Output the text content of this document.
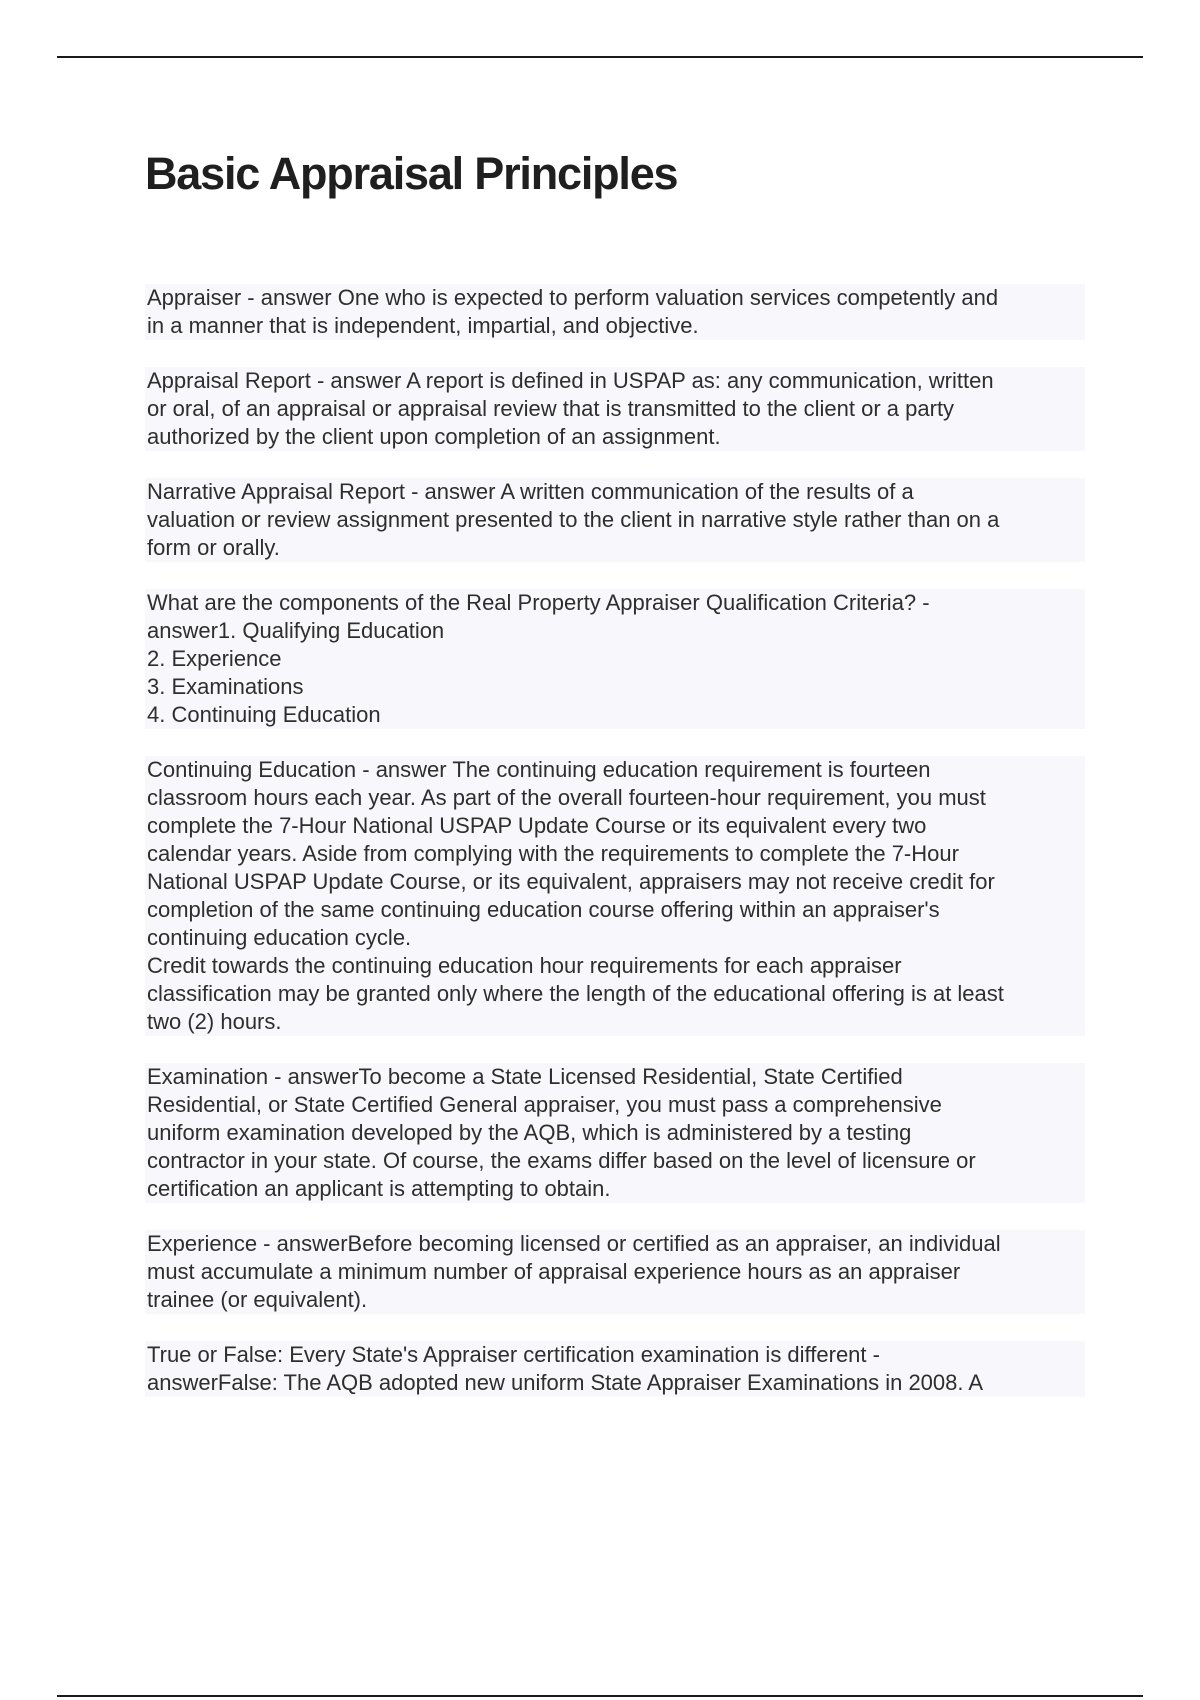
Basic Appraisal Principles
Appraiser - answer One who is expected to perform valuation services competently and
in a manner that is independent, impartial, and objective.
Appraisal Report - answer A report is defined in USPAP as: any communication, written
or oral, of an appraisal or appraisal review that is transmitted to the client or a party
authorized by the client upon completion of an assignment.
Narrative Appraisal Report - answer A written communication of the results of a
valuation or review assignment presented to the client in narrative style rather than on a
form or orally.
What are the components of the Real Property Appraiser Qualification Criteria? -
answer1. Qualifying Education
2. Experience
3. Examinations
4. Continuing Education
Continuing Education - answer The continuing education requirement is fourteen
classroom hours each year. As part of the overall fourteen-hour requirement, you must
complete the 7-Hour National USPAP Update Course or its equivalent every two
calendar years. Aside from complying with the requirements to complete the 7-Hour
National USPAP Update Course, or its equivalent, appraisers may not receive credit for
completion of the same continuing education course offering within an appraiser's
continuing education cycle.
Credit towards the continuing education hour requirements for each appraiser
classification may be granted only where the length of the educational offering is at least
two (2) hours.
Examination - answerTo become a State Licensed Residential, State Certified
Residential, or State Certified General appraiser, you must pass a comprehensive
uniform examination developed by the AQB, which is administered by a testing
contractor in your state. Of course, the exams differ based on the level of licensure or
certification an applicant is attempting to obtain.
Experience - answerBefore becoming licensed or certified as an appraiser, an individual
must accumulate a minimum number of appraisal experience hours as an appraiser
trainee (or equivalent).
True or False: Every State's Appraiser certification examination is different -
answerFalse: The AQB adopted new uniform State Appraiser Examinations in 2008. A
